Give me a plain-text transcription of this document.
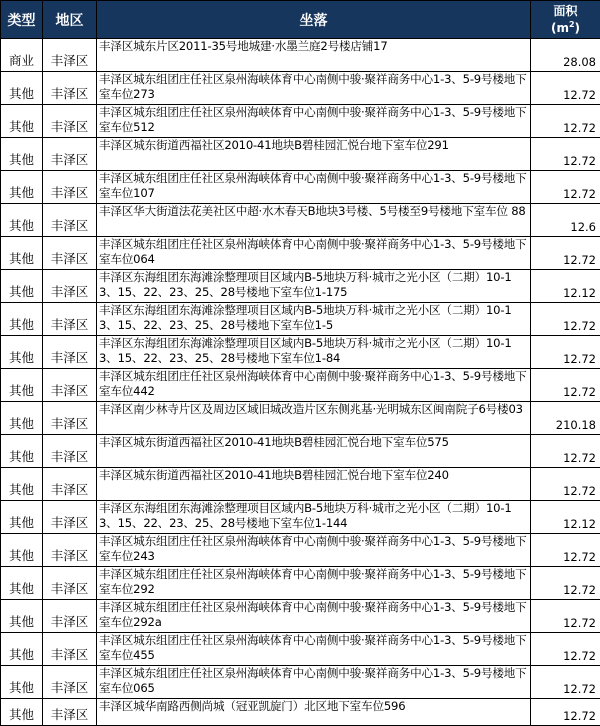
类型	地区	坐落	面积
$(m^2)$
商业	丰泽区	丰泽区城东片区2011-35号地城建·水墨兰庭2号楼店铺17	28.08
其他	丰泽区	丰泽区城东组团庄任社区泉州海峡体育中心南侧中骏·聚祥商务中心1-3、5-9号楼地下室车位273	12.72
其他	丰泽区	丰泽区城东组团庄任社区泉州海峡体育中心南侧中骏·聚祥商务中心1-3、5-9号楼地下室车位512	12.72
其他	丰泽区	丰泽区城东街道西福社区2010-41地块B碧桂园汇悦台地下室车位291	12.72
其他	丰泽区	丰泽区城东组团庄任社区泉州海峡体育中心南侧中骏·聚祥商务中心1-3、5-9号楼地下室车位107	12.72
其他	丰泽区	丰泽区华大街道法花美社区中超·水木春天B地块3号楼、5号楼至9号楼地下室车位 88	12.6
其他	丰泽区	丰泽区城东组团庄任社区泉州海峡体育中心南侧中骏·聚祥商务中心1-3、5-9号楼地下室车位064	12.72
其他	丰泽区	丰泽区东海组团东海滩涂整理项目区域内B-5地块万科·城市之光小区（二期）10-13、15、22、23、25、28号楼地下室车位1-175	12.12
其他	丰泽区	丰泽区东海组团东海滩涂整理项目区域内B-5地块万科·城市之光小区（二期）10-13、15、22、23、25、28号楼地下室车位1-5	12.72
其他	丰泽区	丰泽区东海组团东海滩涂整理项目区域内B-5地块万科·城市之光小区（二期）10-13、15、22、23、25、28号楼地下室车位1-84	12.72
其他	丰泽区	丰泽区城东组团庄任社区泉州海峡体育中心南侧中骏·聚祥商务中心1-3、5-9号楼地下室车位442	12.72
其他	丰泽区	丰泽区南少林寺片区及周边区域旧城改造片区东侧兆基·光明城东区闽南院子6号楼03	210.18
其他	丰泽区	丰泽区城东街道西福社区2010-41地块B碧桂园汇悦台地下室车位575	12.72
其他	丰泽区	丰泽区城东街道西福社区2010-41地块B碧桂园汇悦台地下室车位240	12.72
其他	丰泽区	丰泽区东海组团东海滩涂整理项目区域内B-5地块万科·城市之光小区（二期）10-13、15、22、23、25、28号楼地下室车位1-144	12.12
其他	丰泽区	丰泽区城东组团庄任社区泉州海峡体育中心南侧中骏·聚祥商务中心1-3、5-9号楼地下室车位243	12.72
其他	丰泽区	丰泽区城东组团庄任社区泉州海峡体育中心南侧中骏·聚祥商务中心1-3、5-9号楼地下室车位292	12.72
其他	丰泽区	丰泽区城东组团庄任社区泉州海峡体育中心南侧中骏·聚祥商务中心1-3、5-9号楼地下室车位292a	12.72
其他	丰泽区	丰泽区城东组团庄任社区泉州海峡体育中心南侧中骏·聚祥商务中心1-3、5-9号楼地下室车位455	12.72
其他	丰泽区	丰泽区城东组团庄任社区泉州海峡体育中心南侧中骏·聚祥商务中心1-3、5-9号楼地下室车位065	12.72
其他	丰泽区	丰泽区城华南路西侧尚城（冠亚凯旋门）北区地下室车位596	12.72
